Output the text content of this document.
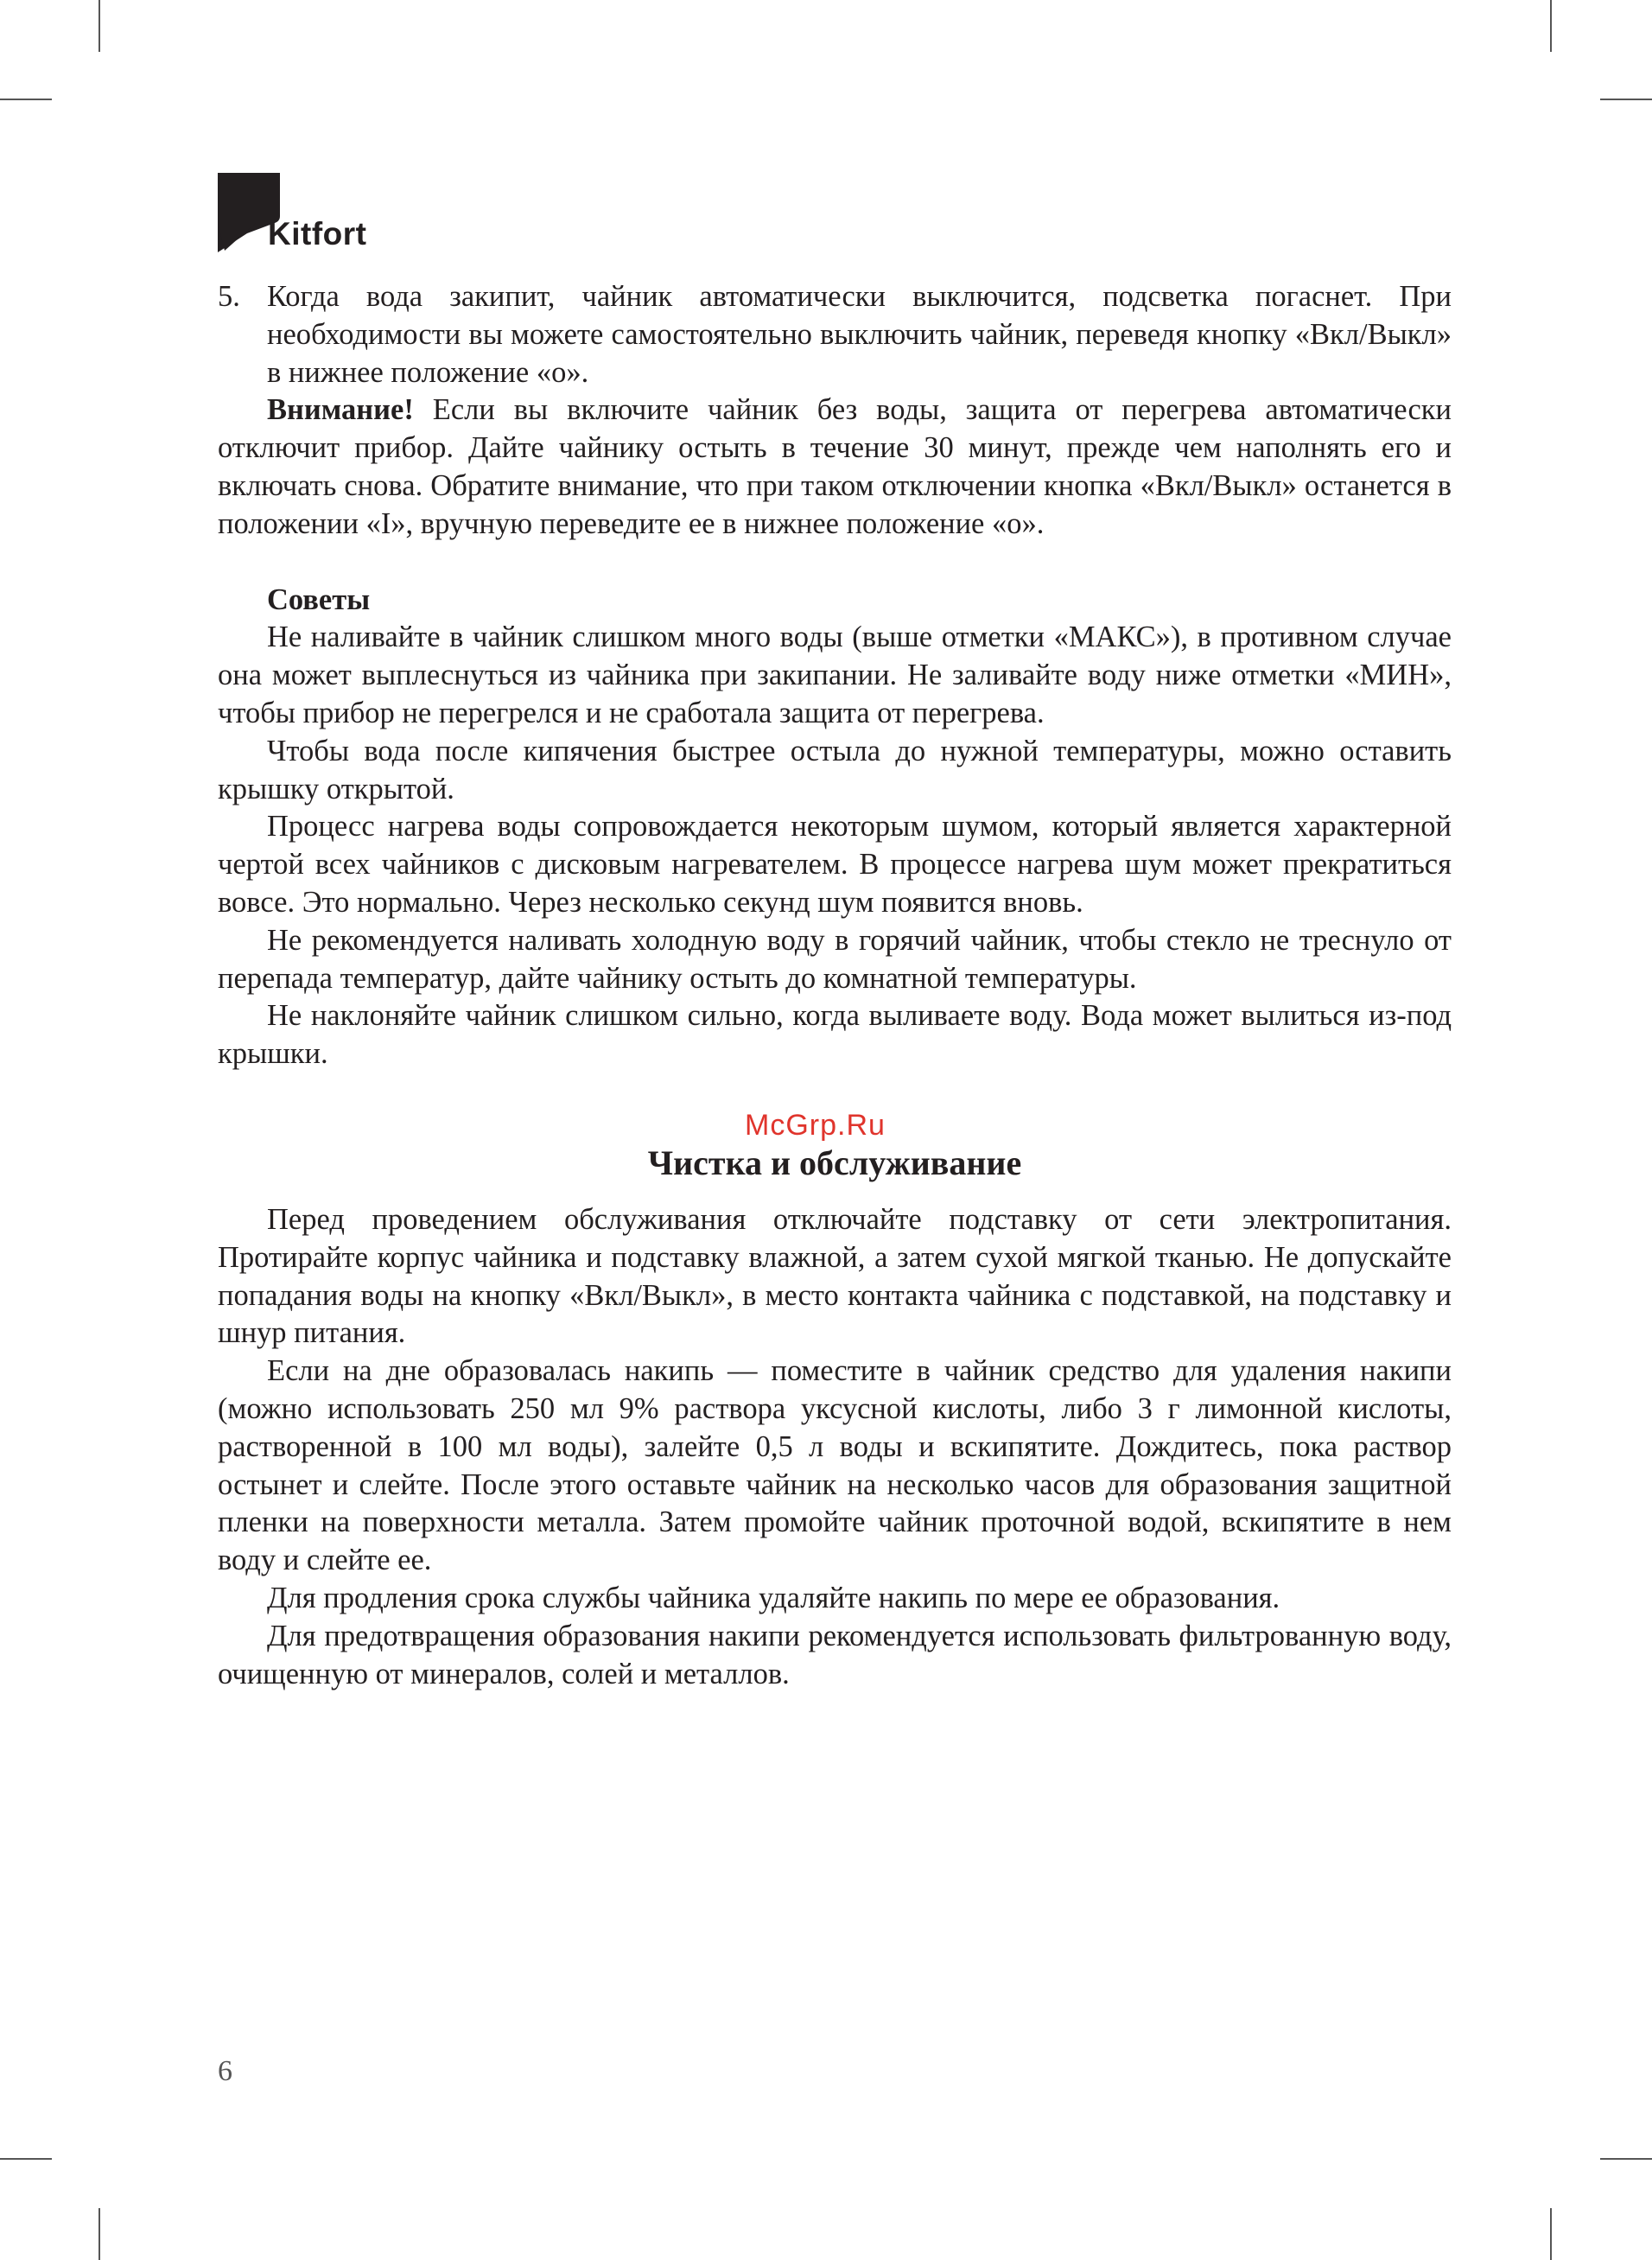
Kitfort
5. Когда вода закипит, чайник автоматически выключится, подсветка погаснет. При необходимости вы можете самостоятельно выключить чайник, переведя кнопку «Вкл/Выкл» в нижнее положение «o».

Внимание! Если вы включите чайник без воды, защита от перегрева автоматически отключит прибор. Дайте чайнику остыть в течение 30 минут, прежде чем наполнять его и включать снова. Обратите внимание, что при таком отключении кнопка «Вкл/Выкл» останется в положении «I», вручную переведите ее в нижнее положение «o».

Советы

Не наливайте в чайник слишком много воды (выше отметки «МАКС»), в противном случае она может выплеснуться из чайника при закипании. Не заливайте воду ниже отметки «МИН», чтобы прибор не перегрелся и не сработала защита от перегрева.

Чтобы вода после кипячения быстрее остыла до нужной температуры, можно оставить крышку открытой.

Процесс нагрева воды сопровождается некоторым шумом, который является характерной чертой всех чайников с дисковым нагревателем. В процессе нагрева шум может прекратиться вовсе. Это нормально. Через несколько секунд шум появится вновь.

Не рекомендуется наливать холодную воду в горячий чайник, чтобы стекло не треснуло от перепада температур, дайте чайнику остыть до комнатной температуры.

Не наклоняйте чайник слишком сильно, когда выливаете воду. Вода может вылиться из-под крышки.

Чистка и обслуживание

Перед проведением обслуживания отключайте подставку от сети электропитания. Протирайте корпус чайника и подставку влажной, а затем сухой мягкой тканью. Не допускайте попадания воды на кнопку «Вкл/Выкл», в место контакта чайника с подставкой, на подставку и шнур питания.

Если на дне образовалась накипь — поместите в чайник средство для удаления накипи (можно использовать 250 мл 9% раствора уксусной кислоты, либо 3 г лимонной кислоты, растворенной в 100 мл воды), залейте 0,5 л воды и вскипятите. Дождитесь, пока раствор остынет и слейте. После этого оставьте чайник на несколько часов для образования защитной пленки на поверхности металла. Затем промойте чайник проточной водой, вскипятите в нем воду и слейте ее.

Для продления срока службы чайника удаляйте накипь по мере ее образования.

Для предотвращения образования накипи рекомендуется использовать фильтрованную воду, очищенную от минералов, солей и металлов.

McGrp.Ru
6
